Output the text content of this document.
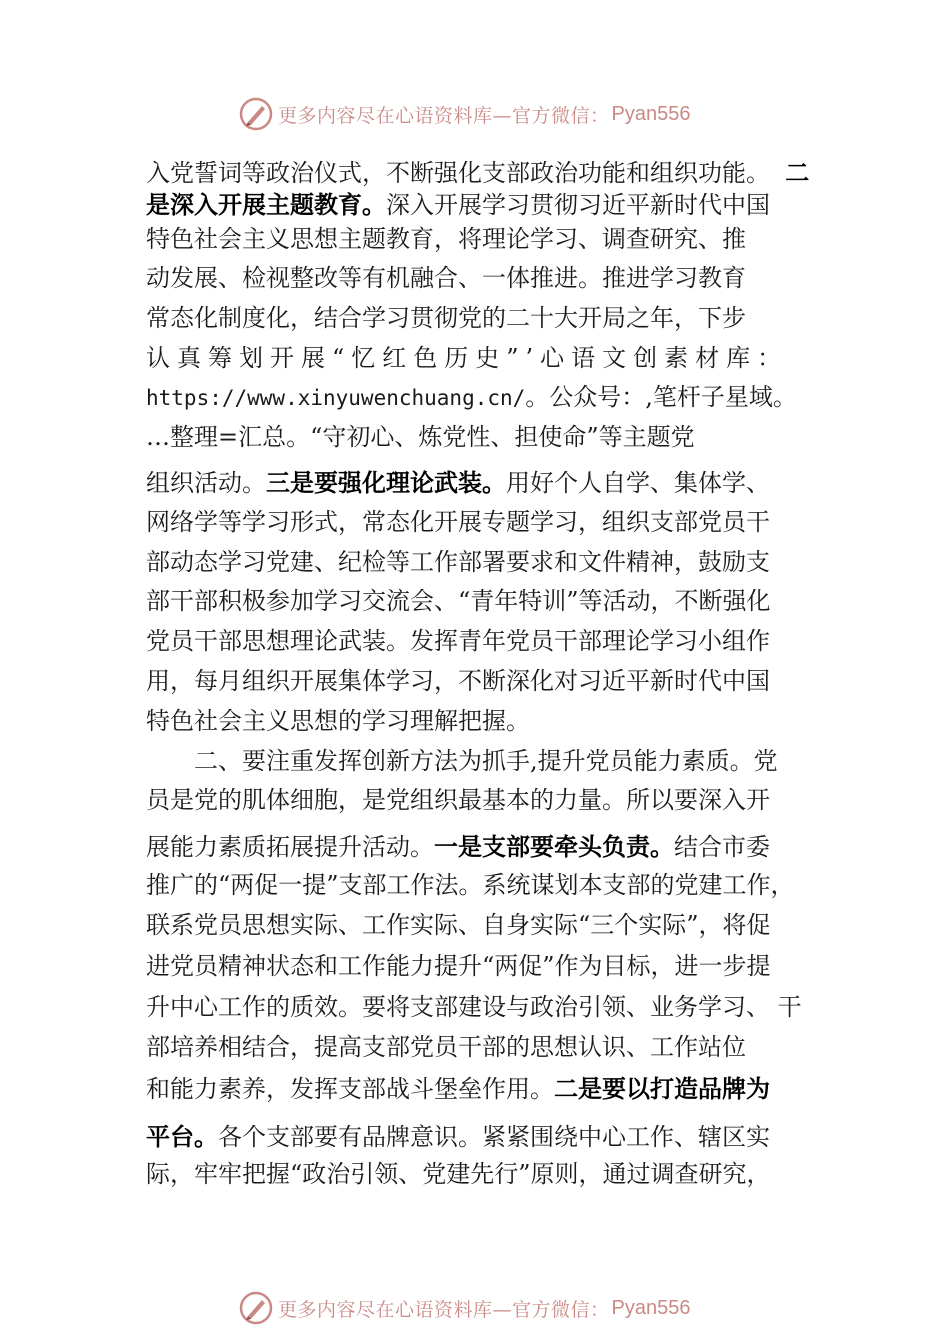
更多内容尽在心语资料库—官方微信： Pyan556

入党誓词等政治仪式，不断强化支部政治功能和组织功能。 二

是深入开展主题教育。深入开展学习贯彻习近平新时代中国

特色社会主义思想主题教育，将理论学习、调查研究、推

动发展、检视整改等有机融合、一体推进。推进学习教育

常态化制度化，结合学习贯彻党的二十大开局之年，下步

认真筹划开展“忆红色历史”’心语文创素材库：

https://www.xinyuwenchuang.cn/。公众号：,笔杆子星域。

…整理=汇总。“守初心、炼党性、担使命”等主题党

组织活动。三是要强化理论武装。用好个人自学、集体学、

网络学等学习形式，常态化开展专题学习，组织支部党员干

部动态学习党建、纪检等工作部署要求和文件精神，鼓励支

部干部积极参加学习交流会、“青年特训”等活动，不断强化

党员干部思想理论武装。发挥青年党员干部理论学习小组作

用，每月组织开展集体学习，不断深化对习近平新时代中国

特色社会主义思想的学习理解把握。

二、要注重发挥创新方法为抓手,提升党员能力素质。党

员是党的肌体细胞，是党组织最基本的力量。所以要深入开

展能力素质拓展提升活动。一是支部要牵头负责。结合市委

推广的“两促一提”支部工作法。系统谋划本支部的党建工作，

联系党员思想实际、工作实际、自身实际“三个实际”，将促

进党员精神状态和工作能力提升“两促”作为目标，进一步提

升中心工作的质效。要将支部建设与政治引领、业务学习、 干

部培养相结合，提高支部党员干部的思想认识、工作站位

和能力素养，发挥支部战斗堡垒作用。二是要以打造品牌为

平台。各个支部要有品牌意识。紧紧围绕中心工作、辖区实

际，牢牢把握“政治引领、党建先行”原则，通过调查研究，

更多内容尽在心语资料库—官方微信： Pyan556
